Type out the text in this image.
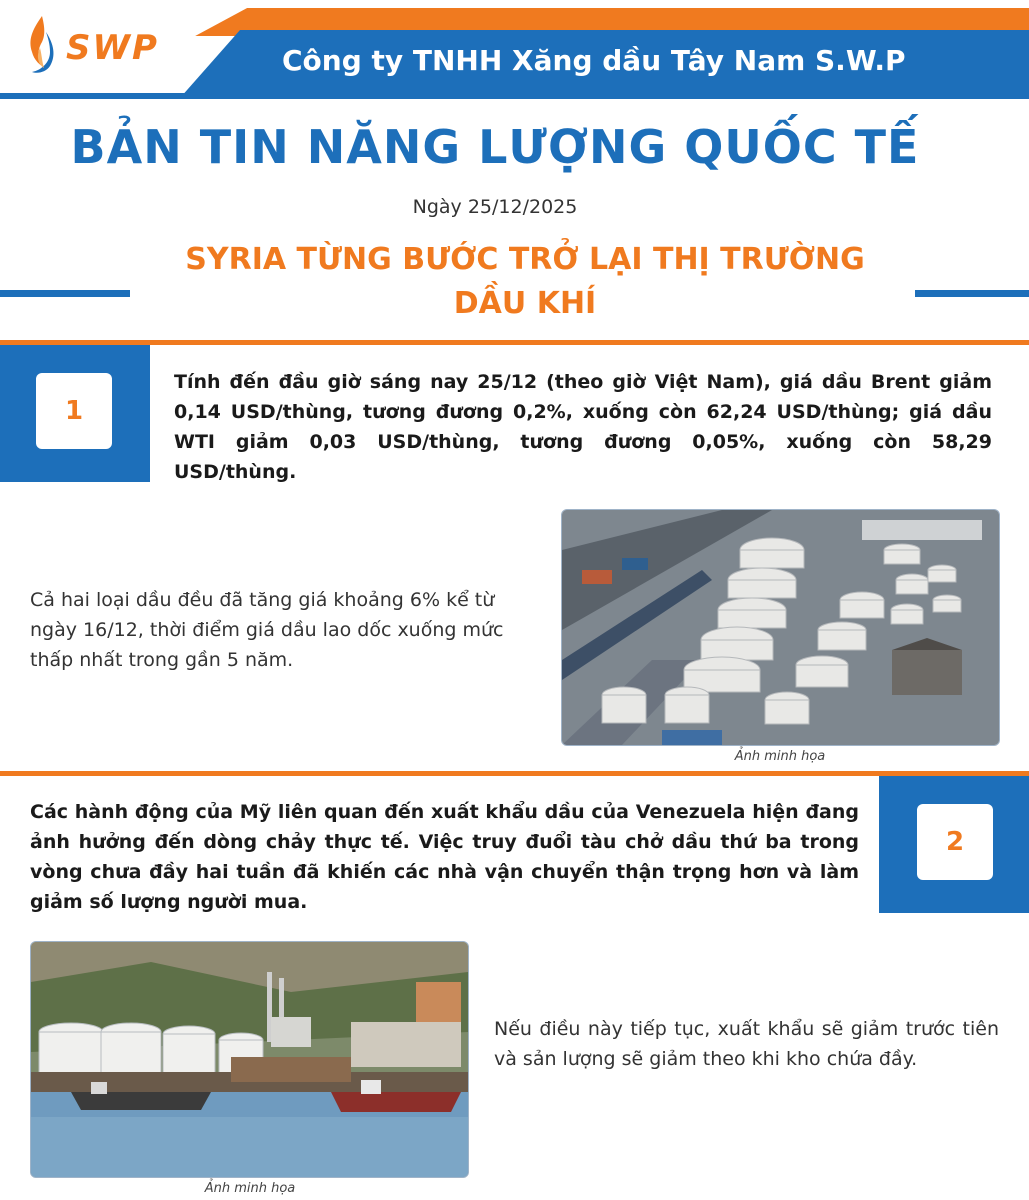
SWP	Công ty TNHH Xăng dầu Tây Nam S.W.P
BẢN TIN NĂNG LƯỢNG QUỐC TẾ
Ngày 25/12/2025
SYRIA TỪNG BƯỚC TRỞ LẠI THỊ TRƯỜNG
DẦU KHÍ
1
Tính đến đầu giờ sáng nay 25/12 (theo giờ Việt Nam), giá dầu Brent giảm 0,14 USD/thùng, tương đương 0,2%, xuống còn 62,24 USD/thùng; giá dầu WTI giảm 0,03 USD/thùng, tương đương 0,05%, xuống còn 58,29 USD/thùng.
Cả hai loại dầu đều đã tăng giá khoảng 6% kể từ ngày 16/12, thời điểm giá dầu lao dốc xuống mức thấp nhất trong gần 5 năm.
Ảnh minh họa
2
Các hành động của Mỹ liên quan đến xuất khẩu dầu của Venezuela hiện đang ảnh hưởng đến dòng chảy thực tế. Việc truy đuổi tàu chở dầu thứ ba trong vòng chưa đầy hai tuần đã khiến các nhà vận chuyển thận trọng hơn và làm giảm số lượng người mua.
Ảnh minh họa
Nếu điều này tiếp tục, xuất khẩu sẽ giảm trước tiên và sản lượng sẽ giảm theo khi kho chứa đầy.
